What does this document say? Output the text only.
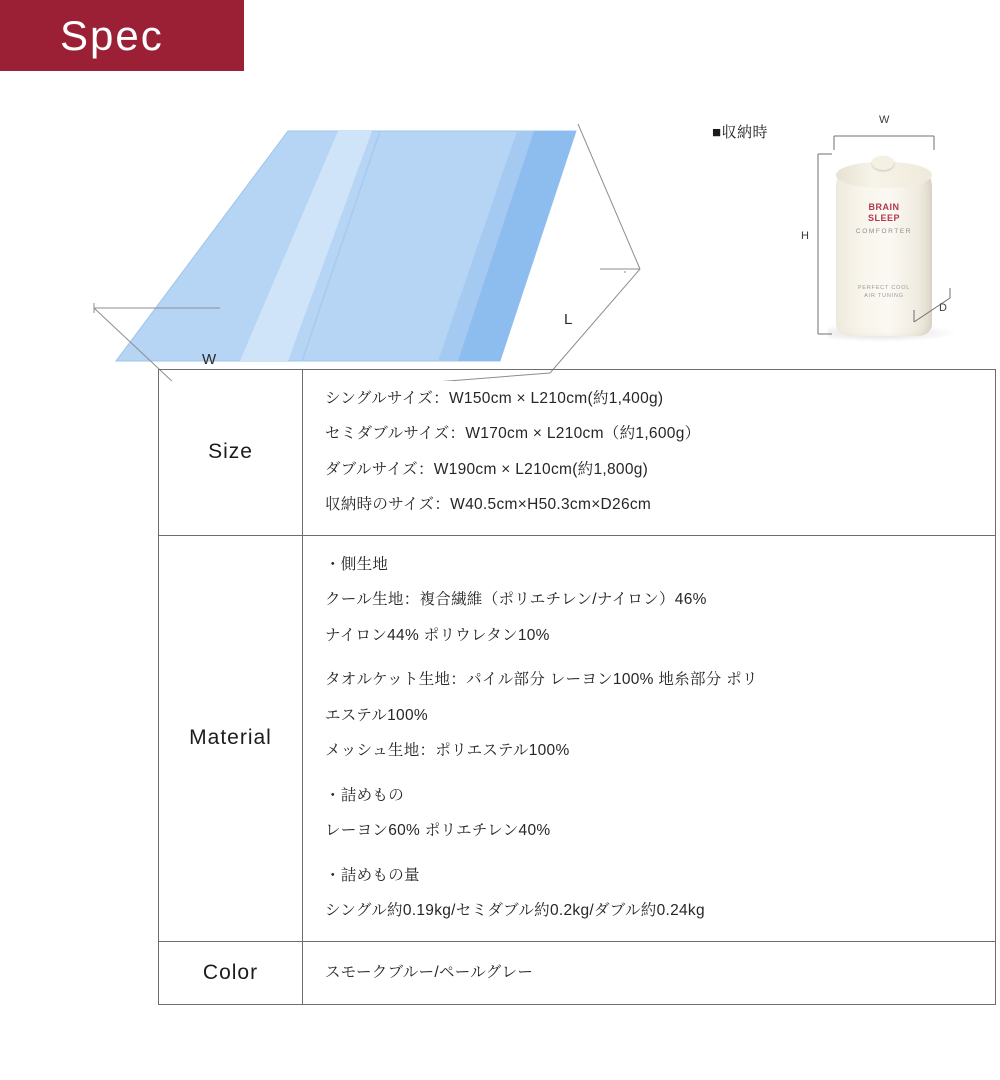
Spec
W
L
■収納時
BRAIN
SLEEP
COMFORTER
PERFECT COOL
AIR TUNING
W
H
D
Size

シングルサイズ：W150cm × L210cm(約1,400g)

セミダブルサイズ：W170cm × L210cm（約1,600g）

ダブルサイズ：W190cm × L210cm(約1,800g)

収納時のサイズ：W40.5cm×H50.3cm×D26cm

Material

・側生地

クール生地：複合繊維（ポリエチレン/ナイロン）46%

ナイロン44% ポリウレタン10%

タオルケット生地：パイル部分 レーヨン100% 地糸部分 ポリ

エステル100%

メッシュ生地：ポリエステル100%

・詰めもの

レーヨン60% ポリエチレン40%

・詰めもの量

シングル約0.19kg/セミダブル約0.2kg/ダブル約0.24kg

Color	スモークブルー/ペールグレー
